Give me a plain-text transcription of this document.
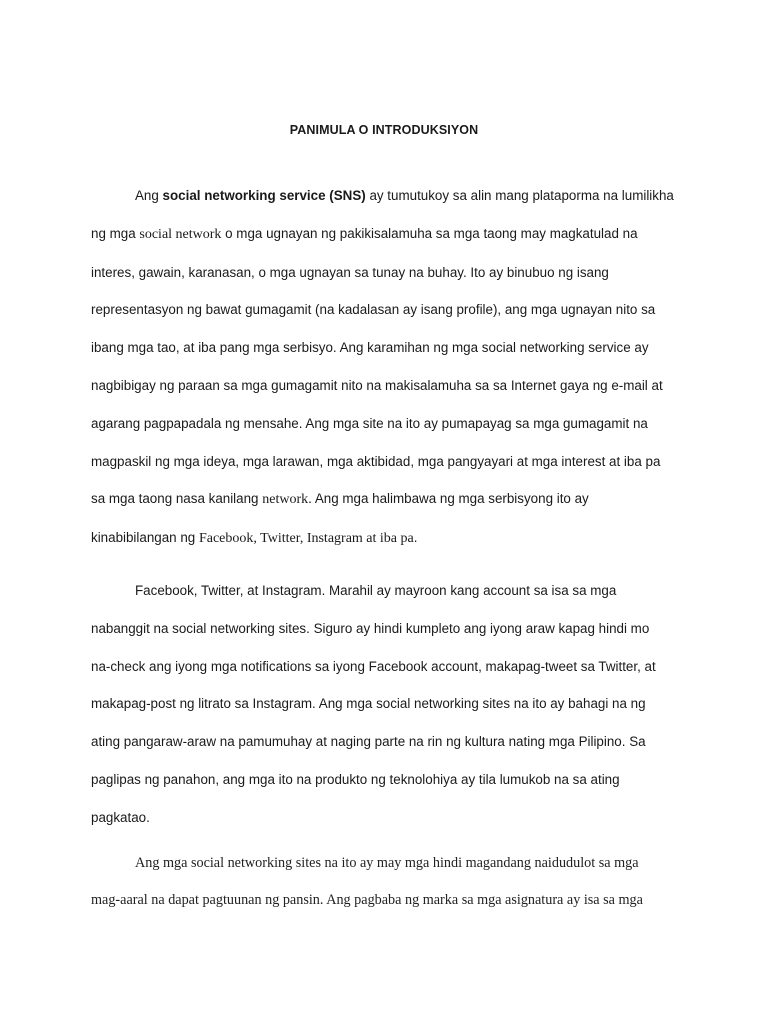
PANIMULA O INTRODUKSIYON
Ang social networking service (SNS) ay tumutukoy sa alin mang plataporma na lumilikha
ng mga social network o mga ugnayan ng pakikisalamuha sa mga taong may magkatulad na
interes, gawain, karanasan, o mga ugnayan sa tunay na buhay. Ito ay binubuo ng isang
representasyon ng bawat gumagamit (na kadalasan ay isang profile), ang mga ugnayan nito sa
ibang mga tao, at iba pang mga serbisyo. Ang karamihan ng mga social networking service ay
nagbibigay ng paraan sa mga gumagamit nito na makisalamuha sa sa Internet gaya ng e-mail at
agarang pagpapadala ng mensahe. Ang mga site na ito ay pumapayag sa mga gumagamit na
magpaskil ng mga ideya, mga larawan, mga aktibidad, mga pangyayari at mga interest at iba pa
sa mga taong nasa kanilang network. Ang mga halimbawa ng mga serbisyong ito ay
kinabibilangan ng Facebook, Twitter, Instagram at iba pa.
Facebook, Twitter, at Instagram. Marahil ay mayroon kang account sa isa sa mga
nabanggit na social networking sites. Siguro ay hindi kumpleto ang iyong araw kapag hindi mo
na-check ang iyong mga notifications sa iyong Facebook account, makapag-tweet sa Twitter, at
makapag-post ng litrato sa Instagram. Ang mga social networking sites na ito ay bahagi na ng
ating pangaraw-araw na pamumuhay at naging parte na rin ng kultura nating mga Pilipino. Sa
paglipas ng panahon, ang mga ito na produkto ng teknolohiya ay tila lumukob na sa ating
pagkatao.
Ang mga social networking sites na ito ay may mga hindi magandang naidudulot sa mga
mag-aaral na dapat pagtuunan ng pansin. Ang pagbaba ng marka sa mga asignatura ay isa sa mga
